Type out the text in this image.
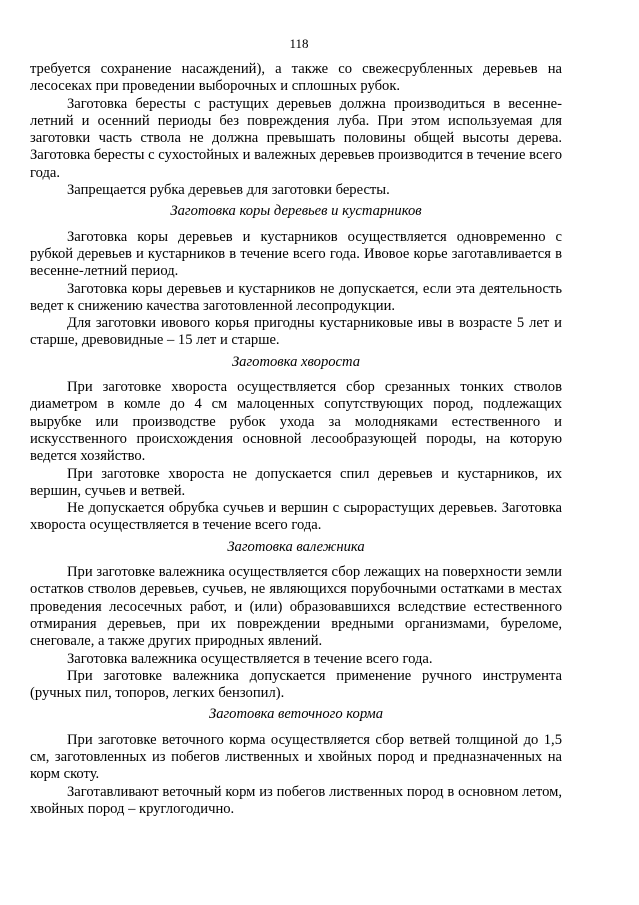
118

требуется сохранение насаждений), а также со свежесрубленных деревьев на лесосеках при проведении выборочных и сплошных рубок.

Заготовка бересты с растущих деревьев должна производиться в весенне-летний и осенний периоды без повреждения луба. При этом используемая для заготовки часть ствола не должна превышать половины общей высоты дерева. Заготовка бересты с сухостойных и валежных деревьев производится в течение всего года.

Запрещается рубка деревьев для заготовки бересты.

Заготовка коры деревьев и кустарников

Заготовка коры деревьев и кустарников осуществляется одновременно с рубкой деревьев и кустарников в течение всего года. Ивовое корье заготавливается в весенне-летний период.

Заготовка коры деревьев и кустарников не допускается, если эта деятельность ведет к снижению качества заготовленной лесопродукции.

Для заготовки ивового корья пригодны кустарниковые ивы в возрасте 5 лет и старше, древовидные – 15 лет и старше.

Заготовка хвороста

При заготовке хвороста осуществляется сбор срезанных тонких стволов диаметром в комле до 4 см малоценных сопутствующих пород, подлежащих вырубке или производстве рубок ухода за молодняками естественного и искусственного происхождения основной лесообразующей породы, на которую ведется хозяйство.

При заготовке хвороста не допускается спил деревьев и кустарников, их вершин, сучьев и ветвей.

Не допускается обрубка сучьев и вершин с сырорастущих деревьев. Заготовка хвороста осуществляется в течение всего года.

Заготовка валежника

При заготовке валежника осуществляется сбор лежащих на поверхности земли остатков стволов деревьев, сучьев, не являющихся порубочными остатками в местах проведения лесосечных работ, и (или) образовавшихся вследствие естественного отмирания деревьев, при их повреждении вредными организмами, буреломе, снеговале, а также других природных явлений.

Заготовка валежника осуществляется в течение всего года.

При заготовке валежника допускается применение ручного инструмента (ручных пил, топоров, легких бензопил).

Заготовка веточного корма

При заготовке веточного корма осуществляется сбор ветвей толщиной до 1,5 см, заготовленных из побегов лиственных и хвойных пород и предназначенных на корм скоту.

Заготавливают веточный корм из побегов лиственных пород в основном летом, хвойных пород – круглогодично.
